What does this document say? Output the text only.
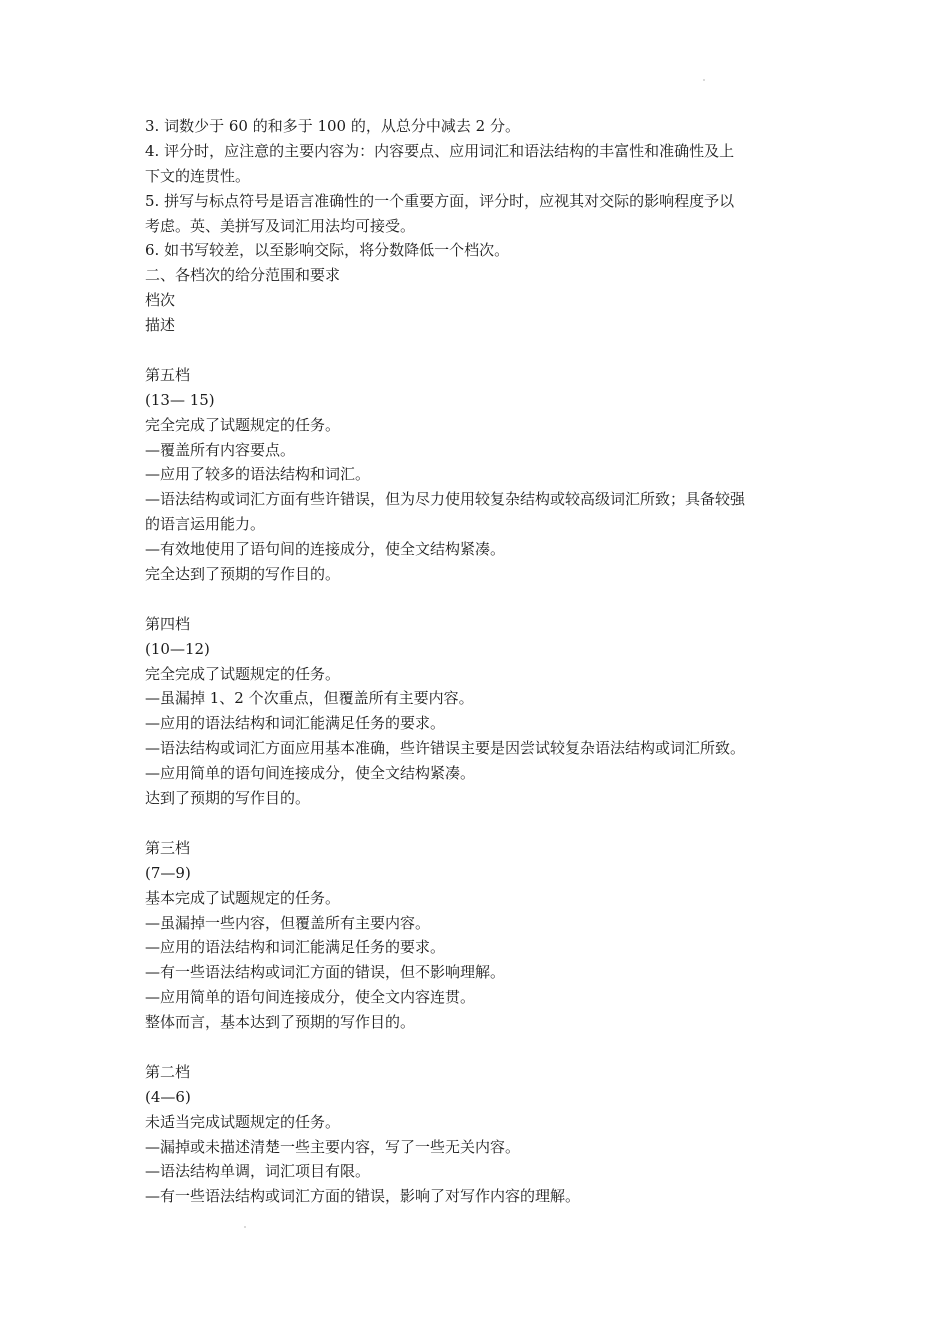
3. 词数少于 60 的和多于 100 的，从总分中减去 2 分。
4. 评分时，应注意的主要内容为：内容要点、应用词汇和语法结构的丰富性和准确性及上
下文的连贯性。
5. 拼写与标点符号是语言准确性的一个重要方面，评分时，应视其对交际的影响程度予以
考虑。英、美拼写及词汇用法均可接受。
6. 如书写较差，以至影响交际，将分数降低一个档次。
二、各档次的给分范围和要求
档次
描述
第五档
(13— 15)
完全完成了试题规定的任务。
—覆盖所有内容要点。
—应用了较多的语法结构和词汇。
—语法结构或词汇方面有些许错误，但为尽力使用较复杂结构或较高级词汇所致；具备较强
的语言运用能力。
—有效地使用了语句间的连接成分，使全文结构紧凑。
完全达到了预期的写作目的。
第四档
(10—12)
完全完成了试题规定的任务。
—虽漏掉 1、2 个次重点，但覆盖所有主要内容。
—应用的语法结构和词汇能满足任务的要求。
—语法结构或词汇方面应用基本准确，些许错误主要是因尝试较复杂语法结构或词汇所致。
—应用简单的语句间连接成分，使全文结构紧凑。
达到了预期的写作目的。
第三档
(7—9)
基本完成了试题规定的任务。
—虽漏掉一些内容，但覆盖所有主要内容。
—应用的语法结构和词汇能满足任务的要求。
—有一些语法结构或词汇方面的错误，但不影响理解。
—应用简单的语句间连接成分，使全文内容连贯。
整体而言，基本达到了预期的写作目的。
第二档
(4—6)
未适当完成试题规定的任务。
—漏掉或未描述清楚一些主要内容，写了一些无关内容。
—语法结构单调，词汇项目有限。
—有一些语法结构或词汇方面的错误，影响了对写作内容的理解。
